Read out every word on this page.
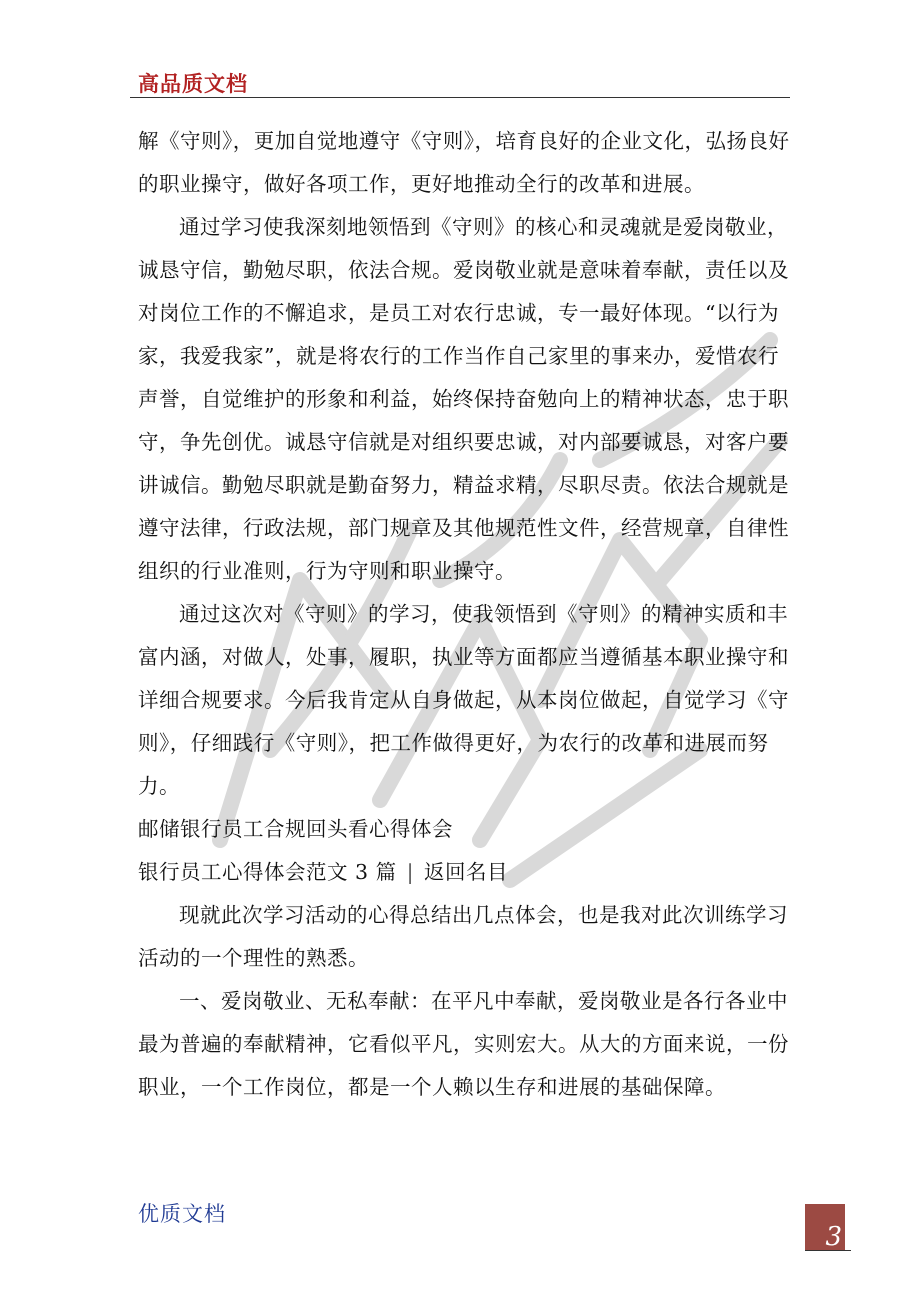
高品质文档

解《守则》，更加自觉地遵守《守则》，培育良好的企业文化，弘扬良好的职业操守，做好各项工作，更好地推动全行的改革和进展。

通过学习使我深刻地领悟到《守则》的核心和灵魂就是爱岗敬业，诚恳守信，勤勉尽职，依法合规。爱岗敬业就是意味着奉献，责任以及对岗位工作的不懈追求，是员工对农行忠诚，专一最好体现。“以行为家，我爱我家”，就是将农行的工作当作自己家里的事来办，爱惜农行声誉，自觉维护的形象和利益，始终保持奋勉向上的精神状态，忠于职守，争先创优。诚恳守信就是对组织要忠诚，对内部要诚恳，对客户要讲诚信。勤勉尽职就是勤奋努力，精益求精，尽职尽责。依法合规就是遵守法律，行政法规，部门规章及其他规范性文件，经营规章，自律性组织的行业准则，行为守则和职业操守。

通过这次对《守则》的学习，使我领悟到《守则》的精神实质和丰富内涵，对做人，处事，履职，执业等方面都应当遵循基本职业操守和详细合规要求。今后我肯定从自身做起，从本岗位做起，自觉学习《守则》，仔细践行《守则》，把工作做得更好，为农行的改革和进展而努力。

邮储银行员工合规回头看心得体会

银行员工心得体会范文 3 篇 | 返回名目

现就此次学习活动的心得总结出几点体会，也是我对此次训练学习活动的一个理性的熟悉。

一、爱岗敬业、无私奉献：在平凡中奉献，爱岗敬业是各行各业中最为普遍的奉献精神，它看似平凡，实则宏大。从大的方面来说，一份职业，一个工作岗位，都是一个人赖以生存和进展的基础保障。

优质文档
3
